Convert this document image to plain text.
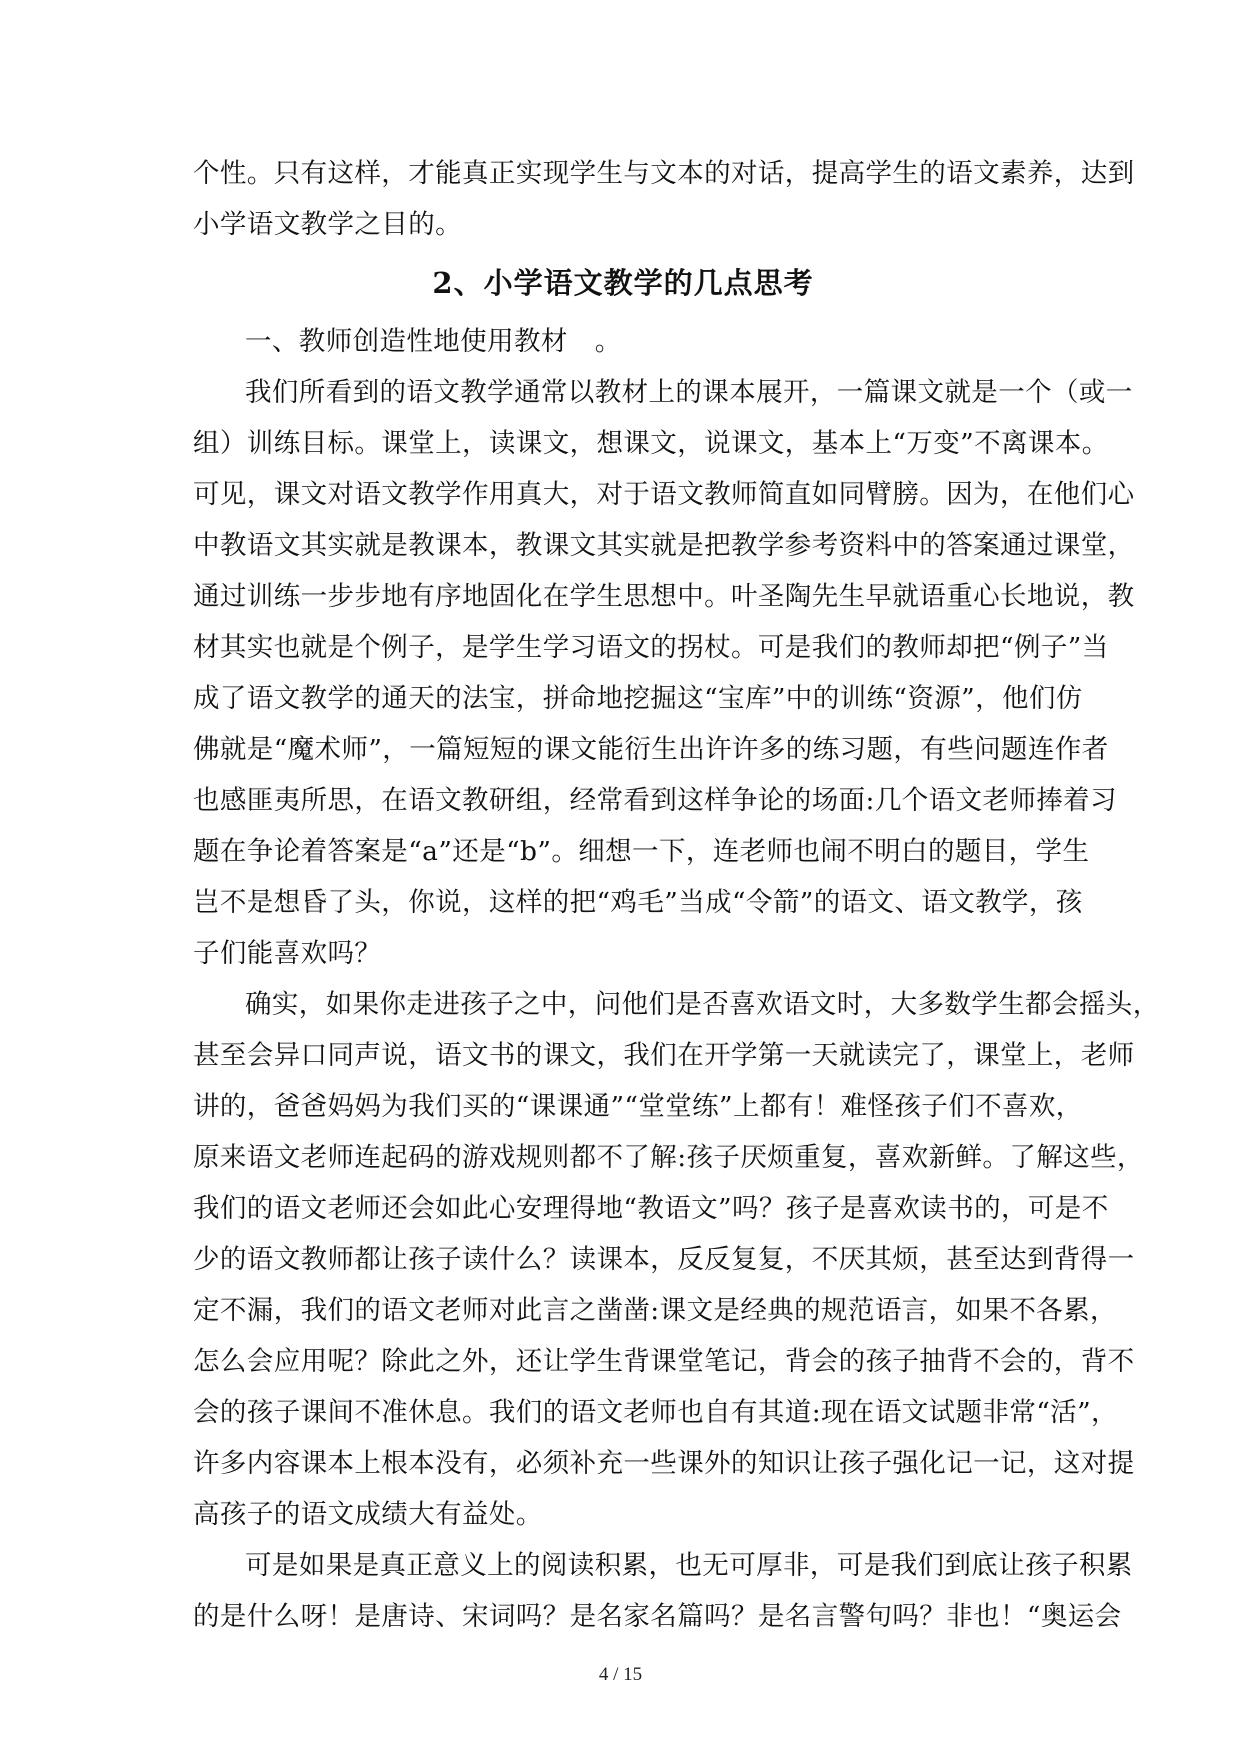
个性。只有这样，才能真正实现学生与文本的对话，提高学生的语文素养，达到
小学语文教学之目的。
2、小学语文教学的几点思考
一、教师创造性地使用教材　。
我们所看到的语文教学通常以教材上的课本展开，一篇课文就是一个（或一
组）训练目标。课堂上，读课文，想课文，说课文，基本上“万变”不离课本。
可见，课文对语文教学作用真大，对于语文教师简直如同臂膀。因为，在他们心
中教语文其实就是教课本，教课文其实就是把教学参考资料中的答案通过课堂，
通过训练一步步地有序地固化在学生思想中。叶圣陶先生早就语重心长地说，教
材其实也就是个例子，是学生学习语文的拐杖。可是我们的教师却把“例子”当
成了语文教学的通天的法宝，拼命地挖掘这“宝库”中的训练“资源”，他们仿
佛就是“魔术师”，一篇短短的课文能衍生出许许多的练习题，有些问题连作者
也感匪夷所思，在语文教研组，经常看到这样争论的场面:几个语文老师捧着习
题在争论着答案是“a”还是“b”。细想一下，连老师也闹不明白的题目，学生
岂不是想昏了头，你说，这样的把“鸡毛”当成“令箭”的语文、语文教学，孩
子们能喜欢吗？
确实，如果你走进孩子之中，问他们是否喜欢语文时，大多数学生都会摇头，
甚至会异口同声说，语文书的课文，我们在开学第一天就读完了，课堂上，老师
讲的，爸爸妈妈为我们买的“课课通”“堂堂练”上都有！难怪孩子们不喜欢，
原来语文老师连起码的游戏规则都不了解:孩子厌烦重复，喜欢新鲜。了解这些，
我们的语文老师还会如此心安理得地“教语文”吗？孩子是喜欢读书的，可是不
少的语文教师都让孩子读什么？读课本，反反复复，不厌其烦，甚至达到背得一
定不漏，我们的语文老师对此言之凿凿:课文是经典的规范语言，如果不各累，
怎么会应用呢？除此之外，还让学生背课堂笔记，背会的孩子抽背不会的，背不
会的孩子课间不准休息。我们的语文老师也自有其道:现在语文试题非常“活”，
许多内容课本上根本没有，必须补充一些课外的知识让孩子强化记一记，这对提
高孩子的语文成绩大有益处。
可是如果是真正意义上的阅读积累，也无可厚非，可是我们到底让孩子积累
的是什么呀！是唐诗、宋词吗？是名家名篇吗？是名言警句吗？非也！“奥运会
4 / 15
